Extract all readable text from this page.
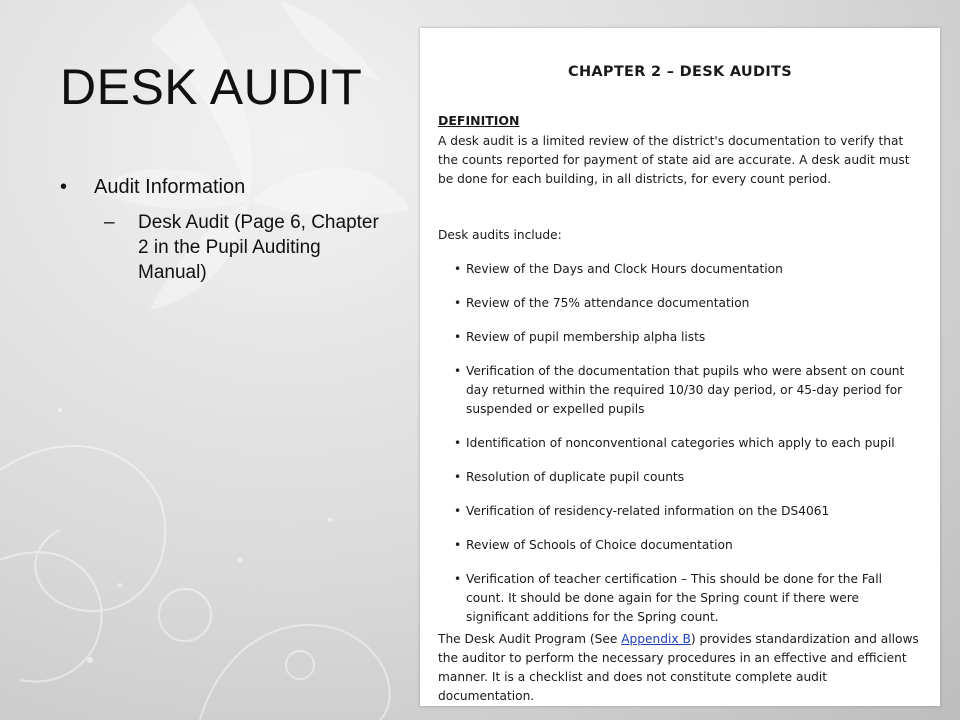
DESK AUDIT
•	Audit Information
–	Desk Audit (Page 6, Chapter 2 in the Pupil Auditing Manual)
CHAPTER 2 – DESK AUDITS
DEFINITION
A desk audit is a limited review of the district's documentation to verify that the counts reported for payment of state aid are accurate. A desk audit must be done for each building, in all districts, for every count period.
Desk audits include:
• Review of the Days and Clock Hours documentation
• Review of the 75% attendance documentation
• Review of pupil membership alpha lists
• Verification of the documentation that pupils who were absent on count day returned within the required 10/30 day period, or 45-day period for suspended or expelled pupils
• Identification of nonconventional categories which apply to each pupil
• Resolution of duplicate pupil counts
• Verification of residency-related information on the DS4061
• Review of Schools of Choice documentation
• Verification of teacher certification – This should be done for the Fall count. It should be done again for the Spring count if there were significant additions for the Spring count.
The Desk Audit Program (See Appendix B) provides standardization and allows the auditor to perform the necessary procedures in an effective and efficient manner. It is a checklist and does not constitute complete audit documentation.
